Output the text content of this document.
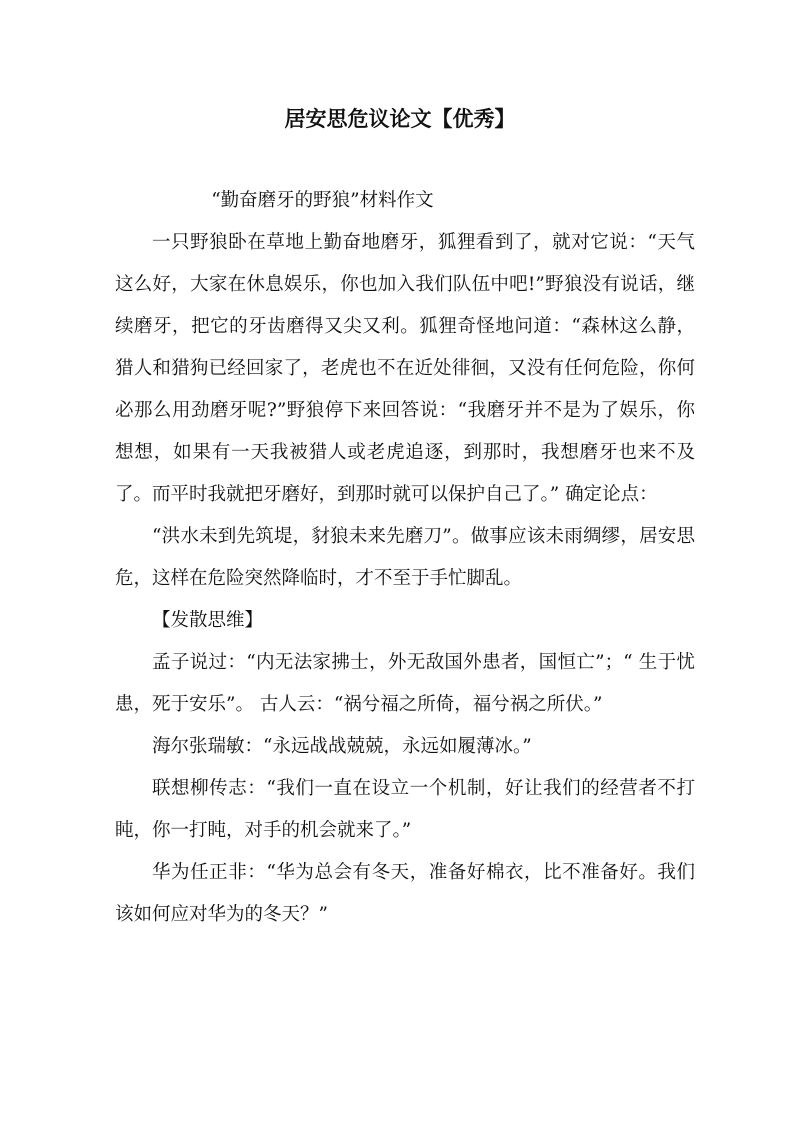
居安思危议论文【优秀】

“勤奋磨牙的野狼”材料作文

一只野狼卧在草地上勤奋地磨牙，狐狸看到了，就对它说：“天气这么好，大家在休息娱乐，你也加入我们队伍中吧!”野狼没有说话，继续磨牙，把它的牙齿磨得又尖又利。狐狸奇怪地问道：“森林这么静，猎人和猎狗已经回家了，老虎也不在近处徘徊，又没有任何危险，你何必那么用劲磨牙呢?”野狼停下来回答说：“我磨牙并不是为了娱乐，你想想，如果有一天我被猎人或老虎追逐，到那时，我想磨牙也来不及了。而平时我就把牙磨好，到那时就可以保护自己了。” 确定论点：

“洪水未到先筑堤，豺狼未来先磨刀”。做事应该未雨绸缪，居安思危，这样在危险突然降临时，才不至于手忙脚乱。

【发散思维】

孟子说过：“内无法家拂士，外无敌国外患者，国恒亡”；“ 生于忧患，死于安乐”。 古人云：“祸兮福之所倚，福兮祸之所伏。”

海尔张瑞敏：“永远战战兢兢，永远如履薄冰。”

联想柳传志：“我们一直在设立一个机制，好让我们的经营者不打盹，你一打盹，对手的机会就来了。”

华为任正非：“华为总会有冬天，准备好棉衣，比不准备好。我们该如何应对华为的冬天？”
